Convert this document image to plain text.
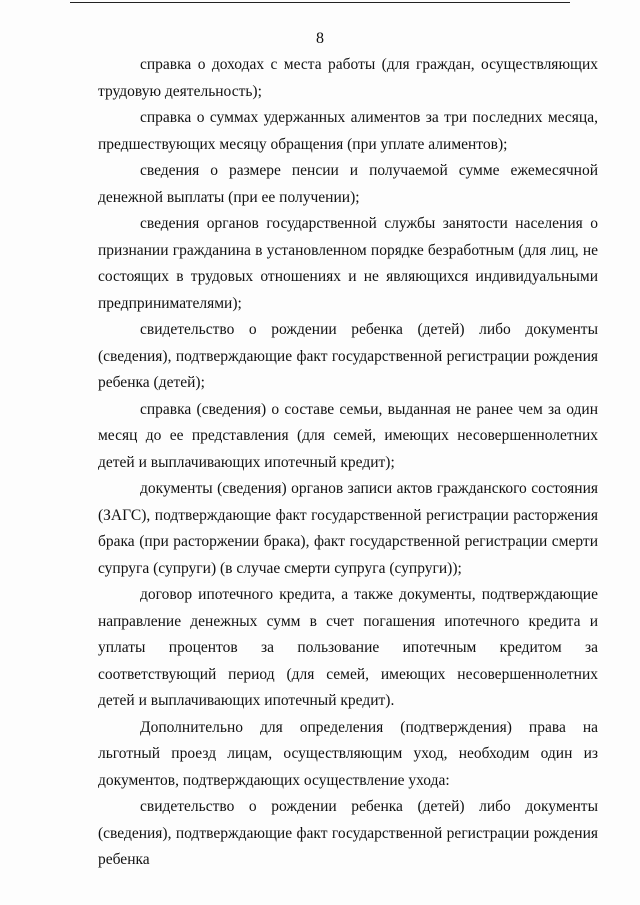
8

справка о доходах с места работы (для граждан, осуществляющих трудовую деятельность);

справка о суммах удержанных алиментов за три последних месяца, предшествующих месяцу обращения (при уплате алиментов);

сведения о размере пенсии и получаемой сумме ежемесячной денежной выплаты (при ее получении);

сведения органов государственной службы занятости населения о признании гражданина в установленном порядке безработным (для лиц, не состоящих в трудовых отношениях и не являющихся индивидуальными предпринимателями);

свидетельство о рождении ребенка (детей) либо документы (сведения), подтверждающие факт государственной регистрации рождения ребенка (детей);

справка (сведения) о составе семьи, выданная не ранее чем за один месяц до ее представления (для семей, имеющих несовершеннолетних детей и выплачивающих ипотечный кредит);

документы (сведения) органов записи актов гражданского состояния (ЗАГС), подтверждающие факт государственной регистрации расторжения брака (при расторжении брака), факт государственной регистрации смерти супруга (супруги) (в случае смерти супруга (супруги));

договор ипотечного кредита, а также документы, подтверждающие направление денежных сумм в счет погашения ипотечного кредита и уплаты процентов за пользование ипотечным кредитом за соответствующий период (для семей, имеющих несовершеннолетних детей и выплачивающих ипотечный кредит).

Дополнительно для определения (подтверждения) права на льготный проезд лицам, осуществляющим уход, необходим один из документов, подтверждающих осуществление ухода:

свидетельство о рождении ребенка (детей) либо документы (сведения), подтверждающие факт государственной регистрации рождения ребенка
